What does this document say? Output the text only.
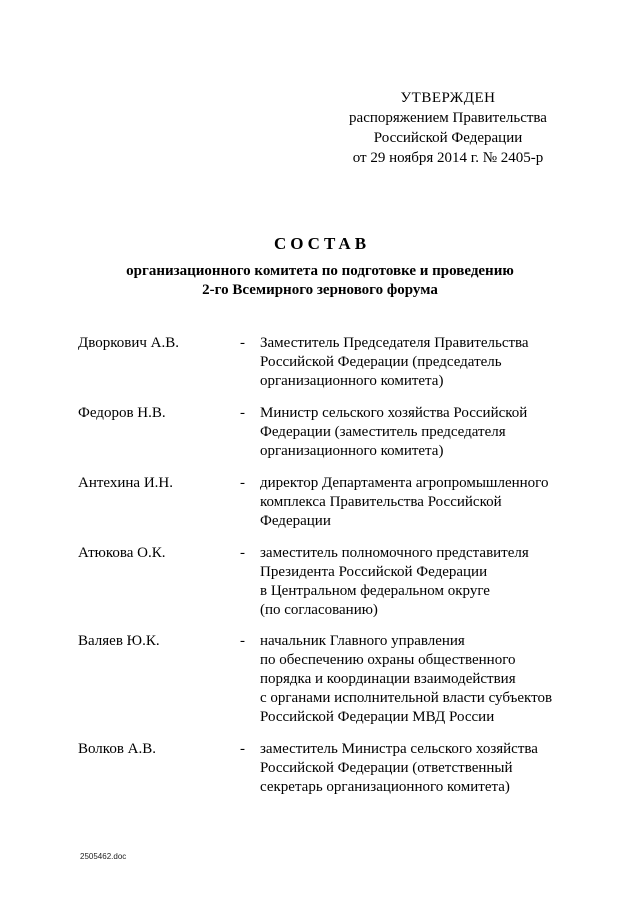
УТВЕРЖДЕН
распоряжением Правительства
Российской Федерации
от 29 ноября 2014 г. № 2405-р
СОСТАВ
организационного комитета по подготовке и проведению
2-го Всемирного зернового форума
Дворкович А.В.	-	Заместитель Председателя Правительства
Российской Федерации (председатель
организационного комитета)
Федоров Н.В.	-	Министр сельского хозяйства Российской
Федерации (заместитель председателя
организационного комитета)
Антехина И.Н.	-	директор Департамента агропромышленного
комплекса Правительства Российской
Федерации
Атюкова О.К.	-	заместитель полномочного представителя
Президента Российской Федерации
в Центральном федеральном округе
(по согласованию)
Валяев Ю.К.	-	начальник Главного управления
по обеспечению охраны общественного
порядка и координации взаимодействия
с органами исполнительной власти субъектов
Российской Федерации МВД России
Волков А.В.	-	заместитель Министра сельского хозяйства
Российской Федерации (ответственный
секретарь организационного комитета)
2505462.doc
